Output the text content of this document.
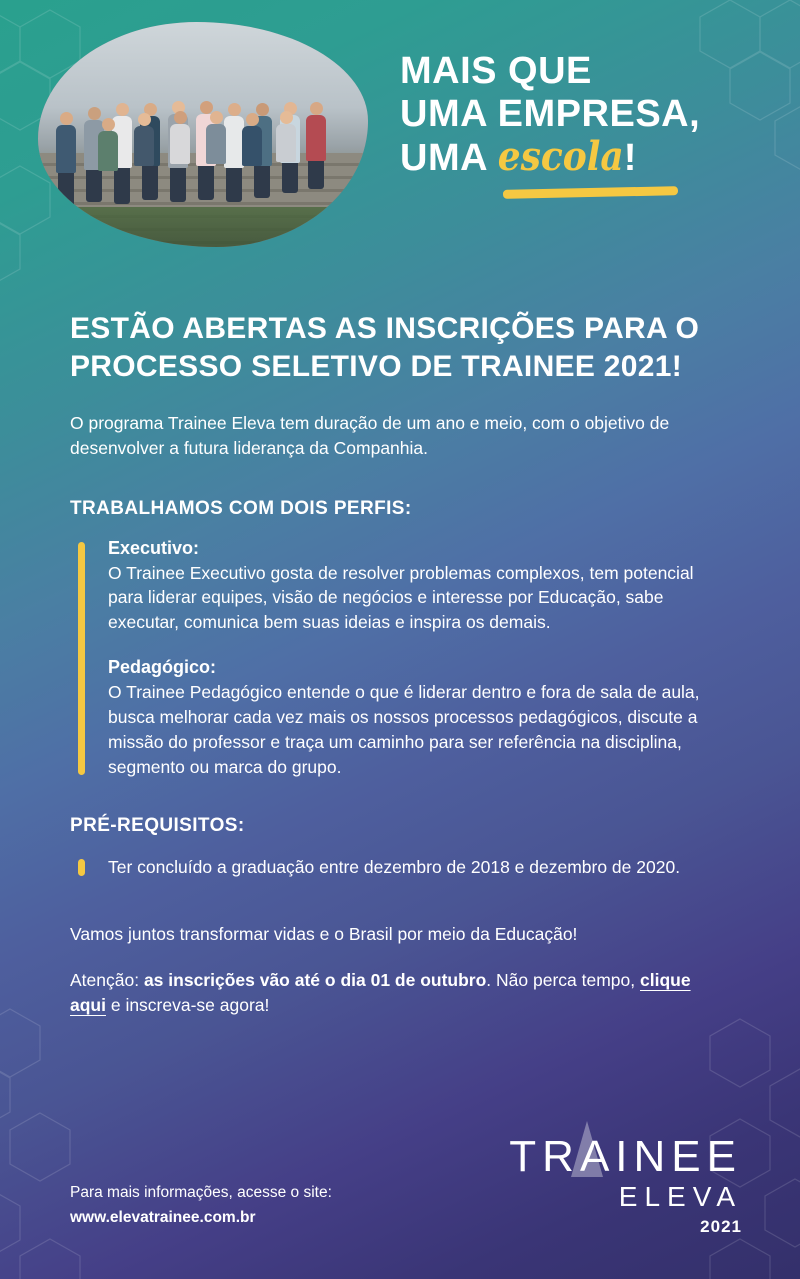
MAIS QUE
UMA EMPRESA,

UMA escola!
ESTÃO ABERTAS AS INSCRIÇÕES PARA O PROCESSO SELETIVO DE TRAINEE 2021!

O programa Trainee Eleva tem duração de um ano e meio, com o objetivo de desenvolver a futura liderança da Companhia.

TRABALHAMOS COM DOIS PERFIS:
Executivo:

O Trainee Executivo gosta de resolver problemas complexos, tem potencial para liderar equipes, visão de negócios e interesse por Educação, sabe executar, comunica bem suas ideias e inspira os demais.

Pedagógico:

O Trainee Pedagógico entende o que é liderar dentro e fora de sala de aula, busca melhorar cada vez mais os nossos processos pedagógicos, discute a missão do professor e traça um caminho para ser referência na disciplina, segmento ou marca do grupo.

PRÉ-REQUISITOS:

Ter concluído a graduação entre dezembro de 2018 e dezembro de 2020.

Vamos juntos transformar vidas e o Brasil por meio da Educação!

Atenção: as inscrições vão até o dia 01 de outubro. Não perca tempo, clique aqui e inscreva-se agora!

Para mais informações, acesse o site:
www.elevatrainee.com.br
TRAINEE
ELEVA
2021
